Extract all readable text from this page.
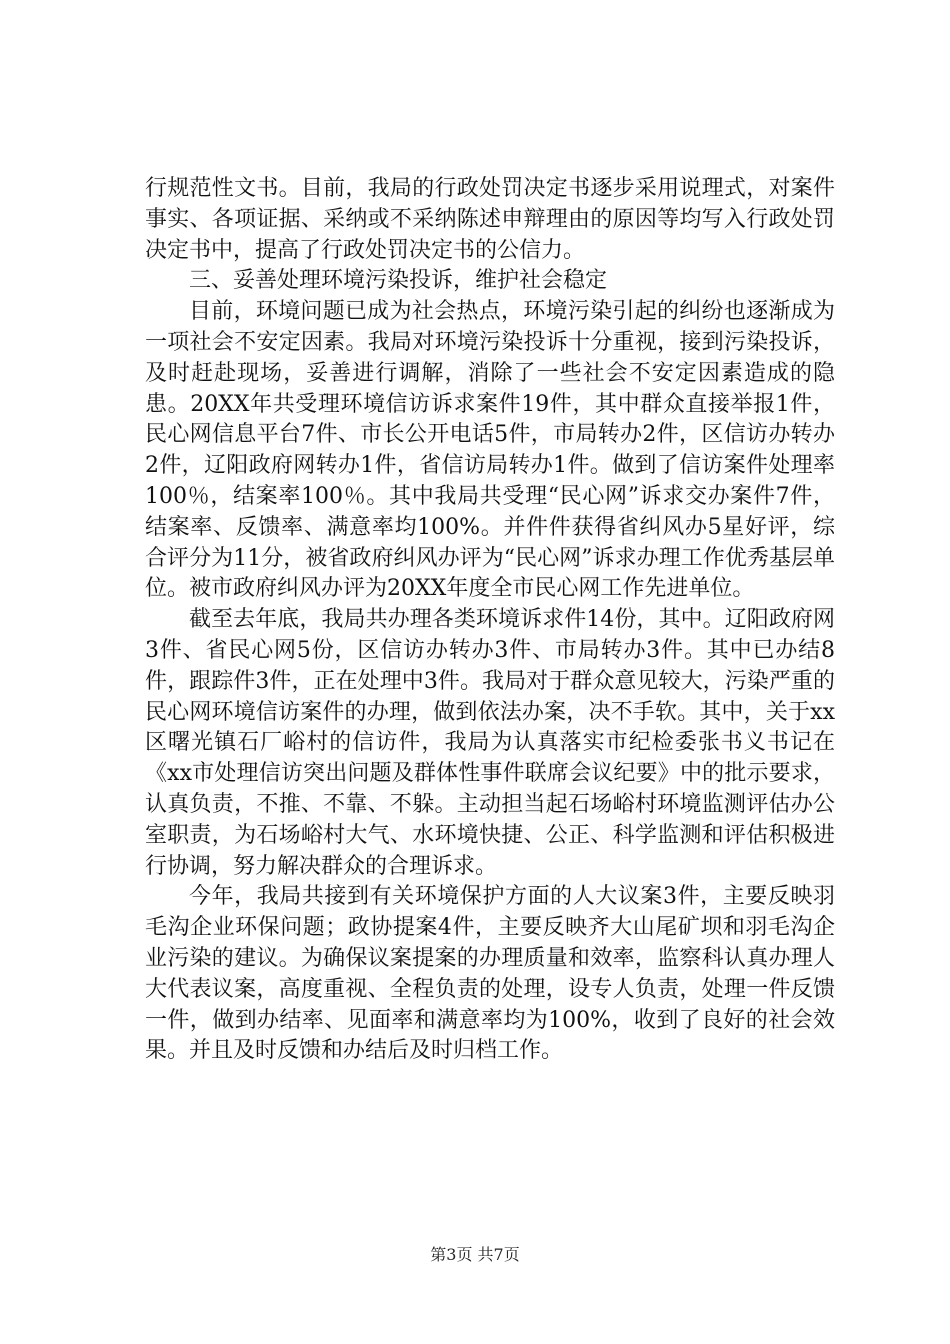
行规范性文书。目前，我局的行政处罚决定书逐步采用说理式，对案件事实、各项证据、采纳或不采纳陈述申辩理由的原因等均写入行政处罚决定书中，提高了行政处罚决定书的公信力。

三、妥善处理环境污染投诉，维护社会稳定

目前，环境问题已成为社会热点，环境污染引起的纠纷也逐渐成为一项社会不安定因素。我局对环境污染投诉十分重视，接到污染投诉，及时赶赴现场，妥善进行调解，消除了一些社会不安定因素造成的隐患。20XX年共受理环境信访诉求案件19件，其中群众直接举报1件，民心网信息平台7件、市长公开电话5件，市局转办2件，区信访办转办2件，辽阳政府网转办1件，省信访局转办1件。做到了信访案件处理率100％，结案率100％。其中我局共受理“民心网”诉求交办案件7件，结案率、反馈率、满意率均100%。并件件获得省纠风办5星好评，综合评分为11分，被省政府纠风办评为“民心网”诉求办理工作优秀基层单位。被市政府纠风办评为20XX年度全市民心网工作先进单位。

截至去年底，我局共办理各类环境诉求件14份，其中。辽阳政府网3件、省民心网5份，区信访办转办3件、市局转办3件。其中已办结8件，跟踪件3件，正在处理中3件。我局对于群众意见较大，污染严重的民心网环境信访案件的办理，做到依法办案，决不手软。其中，关于xx区曙光镇石厂峪村的信访件，我局为认真落实市纪检委张书义书记在《xx市处理信访突出问题及群体性事件联席会议纪要》中的批示要求，认真负责，不推、不靠、不躲。主动担当起石场峪村环境监测评估办公室职责，为石场峪村大气、水环境快捷、公正、科学监测和评估积极进行协调，努力解决群众的合理诉求。

今年，我局共接到有关环境保护方面的人大议案3件，主要反映羽毛沟企业环保问题；政协提案4件，主要反映齐大山尾矿坝和羽毛沟企业污染的建议。为确保议案提案的办理质量和效率，监察科认真办理人大代表议案，高度重视、全程负责的处理，设专人负责，处理一件反馈一件，做到办结率、见面率和满意率均为100%，收到了良好的社会效果。并且及时反馈和办结后及时归档工作。

第3页 共7页
